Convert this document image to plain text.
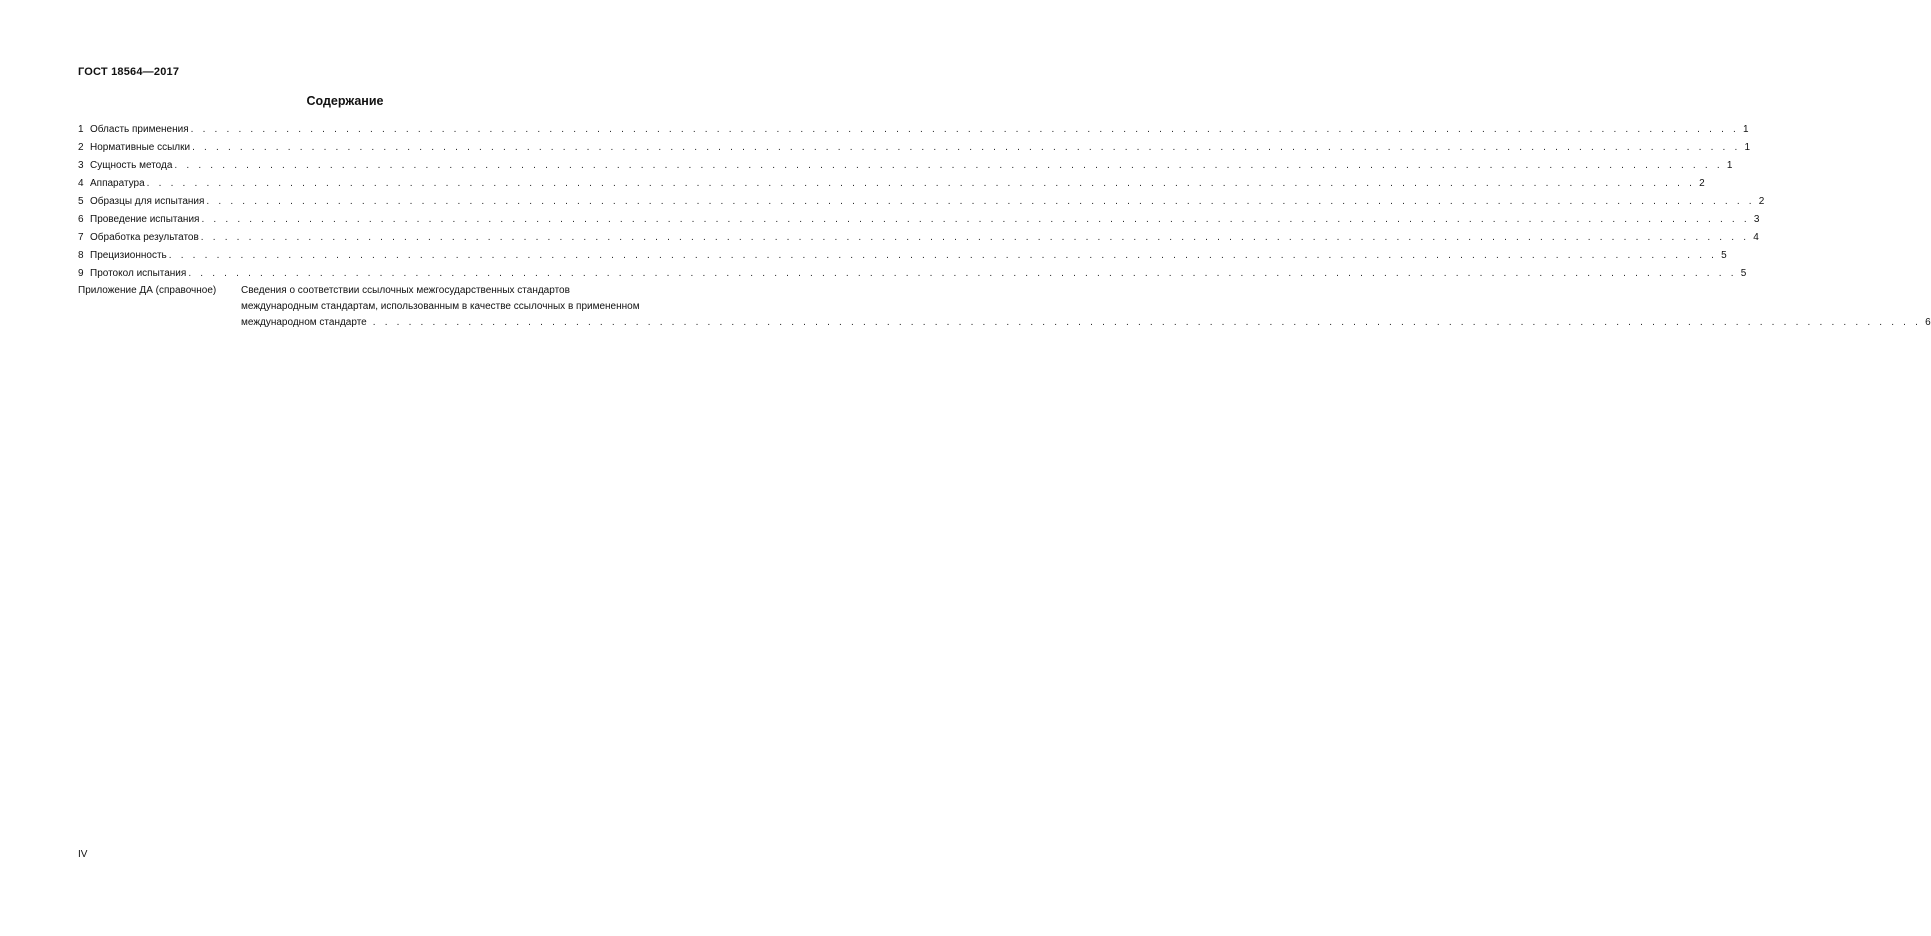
ГОСТ 18564—2017
Содержание
1 Область применения . . .	1
2 Нормативные ссылки . . .	1
3 Сущность метода . . .	1
4 Аппаратура . . .	2
5 Образцы для испытания . . .	2
6 Проведение испытания . . .	3
7 Обработка результатов . . .	4
8 Прецизионность . . .	5
9 Протокол испытания . . .	5
Приложение ДА (справочное)	Сведения о соответствии ссылочных межгосударственных стандартов
международным стандартам, использованным в качестве ссылочных в примененном
международном стандарте . . .	6
IV
